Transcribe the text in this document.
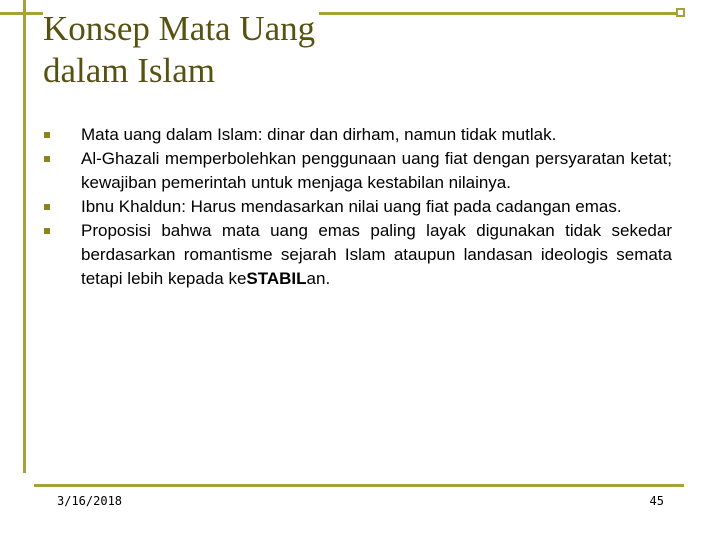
Konsep Mata Uang
dalam Islam
Mata uang dalam Islam: dinar dan dirham, namun tidak mutlak.
Al-Ghazali memperbolehkan penggunaan uang fiat dengan persyaratan ketat; kewajiban pemerintah untuk menjaga kestabilan nilainya.
Ibnu Khaldun: Harus mendasarkan nilai uang fiat pada cadangan emas.
Proposisi bahwa mata uang emas paling layak digunakan tidak sekedar berdasarkan romantisme sejarah Islam ataupun landasan ideologis semata tetapi lebih kepada keSTABILan.
3/16/2018	45
